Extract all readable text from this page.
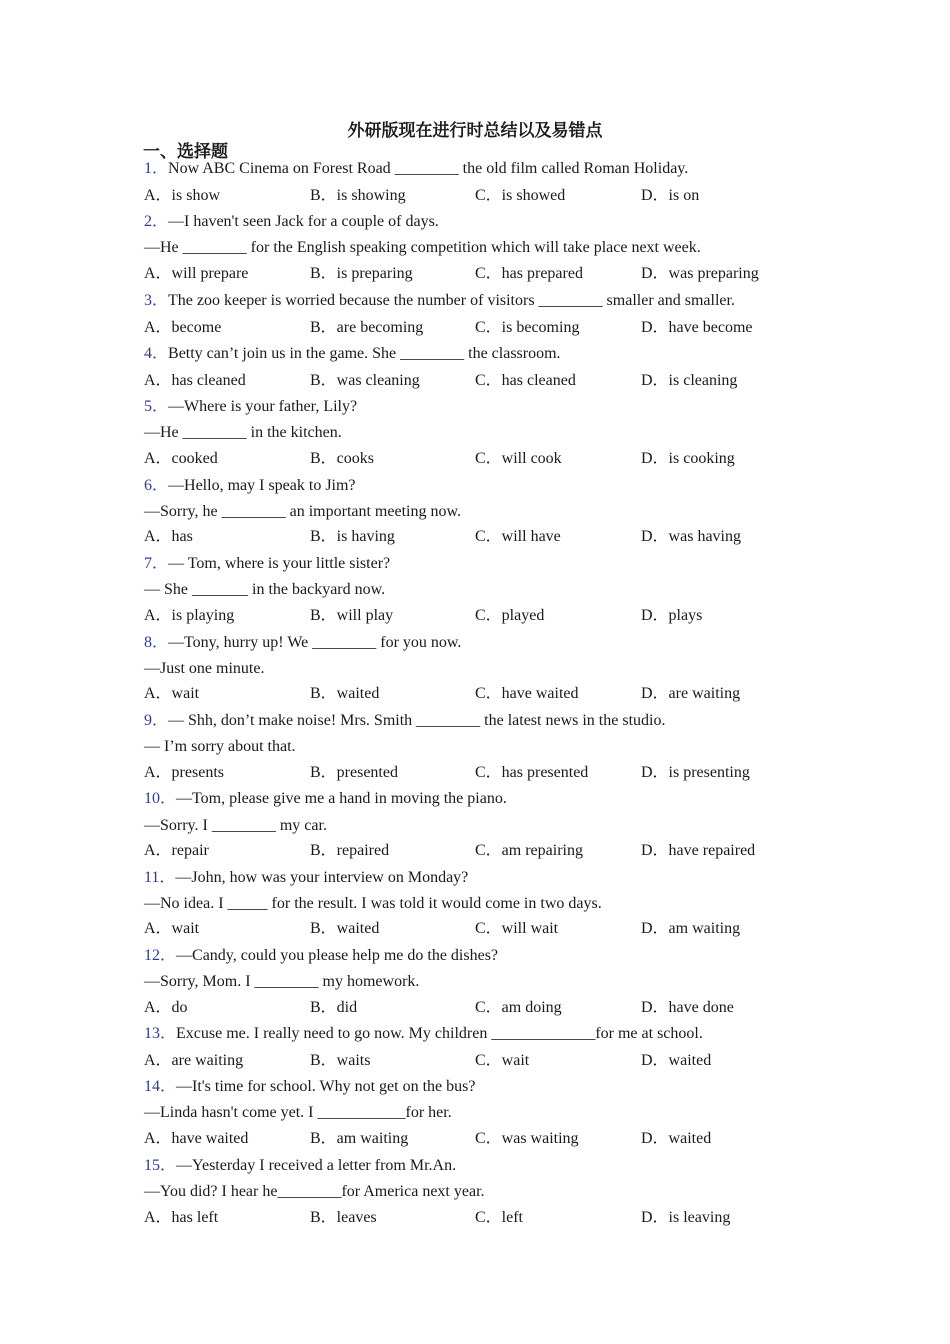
外研版现在进行时总结以及易错点
一、选择题
1．Now ABC Cinema on Forest Road ________ the old film called Roman Holiday.
A．is show	B．is showing	C．is showed	D．is on
2．—I haven't seen Jack for a couple of days.
—He ________ for the English speaking competition which will take place next week.
A．will prepare	B．is preparing	C．has prepared	D．was preparing
3．The zoo keeper is worried because the number of visitors ________ smaller and smaller.
A．become	B．are becoming	C．is becoming	D．have become
4．Betty can’t join us in the game. She ________ the classroom.
A．has cleaned	B．was cleaning	C．has cleaned	D．is cleaning
5．—Where is your father, Lily?
—He ________ in the kitchen.
A．cooked	B．cooks	C．will cook	D．is cooking
6．—Hello, may I speak to Jim?
—Sorry, he ________ an important meeting now.
A．has	B．is having	C．will have	D．was having
7．— Tom, where is your little sister?
— She _______ in the backyard now.
A．is playing	B．will play	C．played	D．plays
8．—Tony, hurry up! We ________ for you now.
—Just one minute.
A．wait	B．waited	C．have waited	D．are waiting
9．— Shh, don’t make noise! Mrs. Smith ________ the latest news in the studio.
— I’m sorry about that.
A．presents	B．presented	C．has presented	D．is presenting
10．—Tom, please give me a hand in moving the piano.
—Sorry. I ________ my car.
A．repair	B．repaired	C．am repairing	D．have repaired
11．—John, how was your interview on Monday?
—No idea. I _____ for the result. I was told it would come in two days.
A．wait	B．waited	C．will wait	D．am waiting
12．—Candy, could you please help me do the dishes?
—Sorry, Mom. I ________ my homework.
A．do	B．did	C．am doing	D．have done
13．Excuse me. I really need to go now. My children _____________for me at school.
A．are waiting	B．waits	C．wait	D．waited
14．—It's time for school. Why not get on the bus?
—Linda hasn't come yet. I ___________for her.
A．have waited	B．am waiting	C．was waiting	D．waited
15．—Yesterday I received a letter from Mr.An.
—You did? I hear he________for America next year.
A．has left	B．leaves	C．left	D．is leaving
